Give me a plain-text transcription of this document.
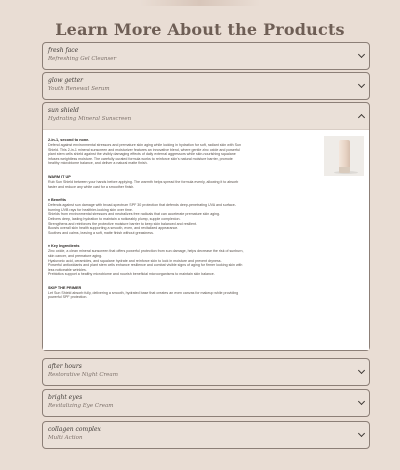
Learn More About the Products
fresh face
Refreshing Gel Cleanser
glow getter
Youth Renewal Serum
sun shield
Hydrating Mineral Sunscreen
2-in-1, second to none.
Defend against environmental stressors and premature skin aging while locking in hydration for soft, radiant skin with Sun
Shield. This 2-in-1 mineral sunscreen and moisturizer features an innovative blend, where gentle zinc oxide and powerful
plant stem cells shield against the visibly damaging effects of daily external aggressors while skin-nourishing squalane
infuses weightless moisture. The carefully curated formula works to reinforce skin's natural moisture barrier, promote
healthy microbiome balance, and deliver a natural matte finish.
WARM IT UP
Rub Sun Shield between your hands before applying. The warmth helps spread the formula evenly, allowing it to absorb
faster and reduce any white cast for a smoother finish.
♦ Benefits
Defends against sun damage with broad-spectrum SPF 30 protection that defends deep-penetrating UVA and surface-
burning UVB rays for healthier-looking skin over time.
Shields from environmental stressors and neutralizes free radicals that can accelerate premature skin aging.
Delivers deep, lasting hydration to maintain a noticeably plump, supple complexion.
Strengthens and reinforces the protective moisture barrier to keep skin balanced and resilient.
Boosts overall skin health supporting a smooth, even, and revitalized appearance.
Soothes and calms, leaving a soft, matte finish without greasiness.
♦ Key Ingredients
Zinc oxide, a clean mineral sunscreen that offers powerful protection from sun damage, helps decrease the risk of sunburn,
skin cancer, and premature aging.
Hyaluronic acid, ceramides, and squalane hydrate and reinforce skin to lock in moisture and prevent dryness.
Powerful antioxidants and plant stem cells enhance resilience and combat visible signs of aging for firmer looking skin with
less noticeable wrinkles.
Prebiotics support a healthy microbiome and nourish beneficial microorganisms to maintain skin balance.
SKIP THE PRIMER
Let Sun Shield absorb fully, delivering a smooth, hydrated base that creates an even canvas for makeup while providing
powerful SPF protection.
after hours
Restorative Night Cream
bright eyes
Revitalizing Eye Cream
collagen complex
Multi Action
